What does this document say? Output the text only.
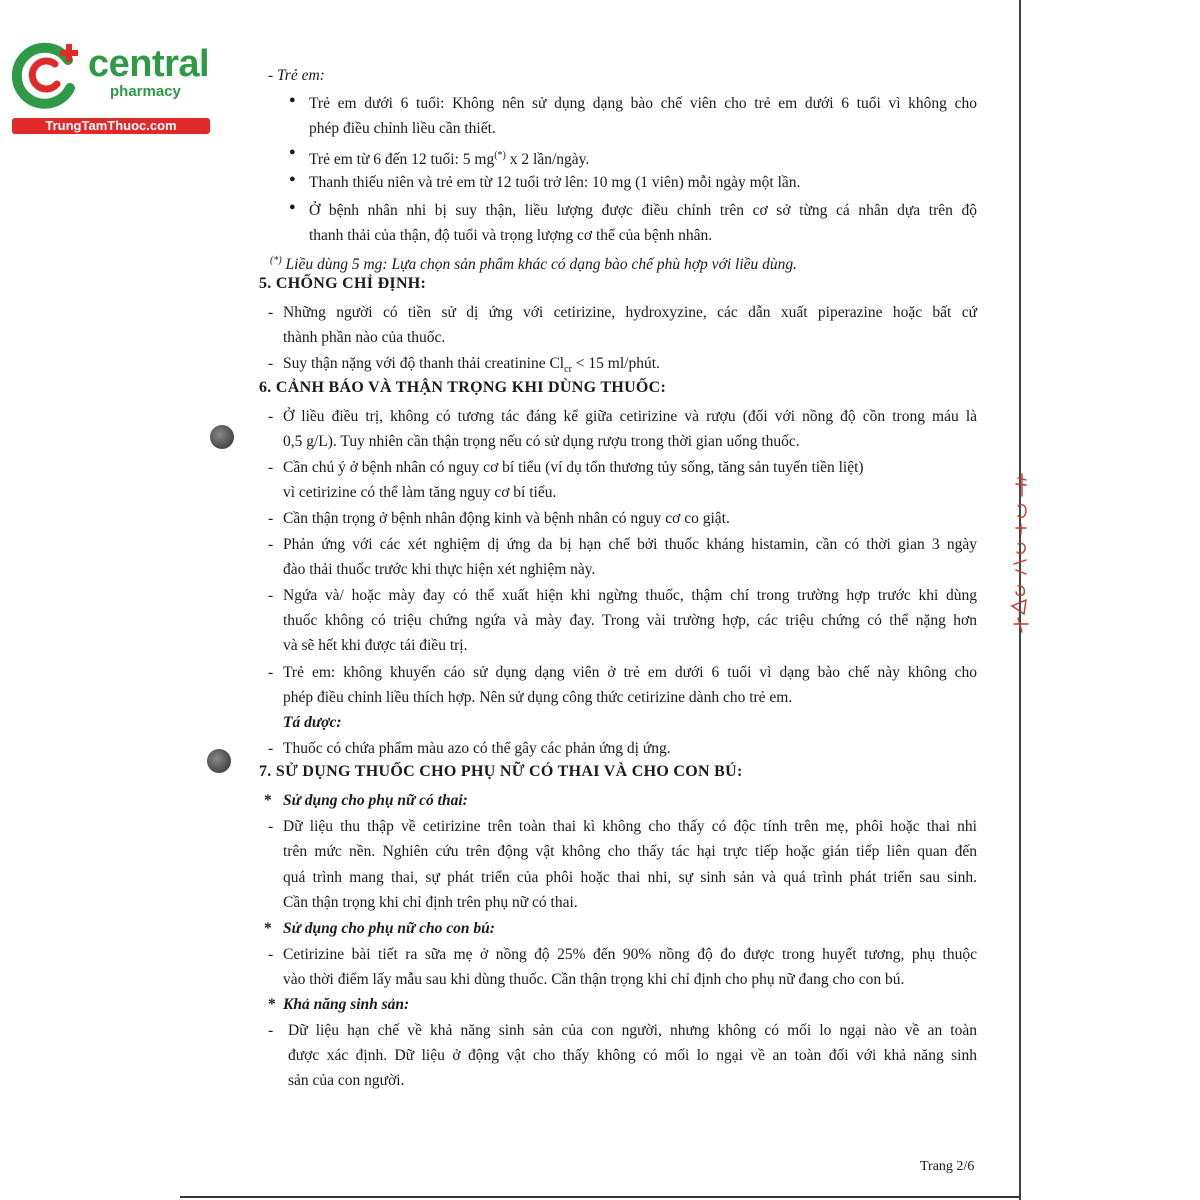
central
pharmacy
TrungTamThuoc.com
- Trẻ em:
● Trẻ em dưới 6 tuổi: Không nên sử dụng dạng bào chế viên cho trẻ em dưới 6 tuổi vì không cho
phép điều chỉnh liều cần thiết.
● Trẻ em từ 6 đến 12 tuổi: 5 mg(*) x 2 lần/ngày.
● Thanh thiếu niên và trẻ em từ 12 tuổi trở lên: 10 mg (1 viên) mỗi ngày một lần.
● Ở bệnh nhân nhi bị suy thận, liều lượng được điều chỉnh trên cơ sở từng cá nhân dựa trên độ
thanh thải của thận, độ tuổi và trọng lượng cơ thể của bệnh nhân.
(*) Liều dùng 5 mg: Lựa chọn sản phẩm khác có dạng bào chế phù hợp với liều dùng.
5. CHỐNG CHỈ ĐỊNH:
- Những người có tiền sử dị ứng với cetirizine, hydroxyzine, các dẫn xuất piperazine hoặc bất cứ
thành phần nào của thuốc.
- Suy thận nặng với độ thanh thải creatinine $Cl_{cr} < 15$ ml/phút.
6. CẢNH BÁO VÀ THẬN TRỌNG KHI DÙNG THUỐC:
- Ở liều điều trị, không có tương tác đáng kể giữa cetirizine và rượu (đối với nồng độ cồn trong máu là
0,5 g/L). Tuy nhiên cần thận trọng nếu có sử dụng rượu trong thời gian uống thuốc.
- Cần chú ý ở bệnh nhân có nguy cơ bí tiểu (ví dụ tổn thương tủy sống, tăng sản tuyến tiền liệt)
vì cetirizine có thể làm tăng nguy cơ bí tiểu.
- Cần thận trọng ở bệnh nhân động kinh và bệnh nhân có nguy cơ co giật.
- Phản ứng với các xét nghiệm dị ứng da bị hạn chế bởi thuốc kháng histamin, cần có thời gian 3 ngày
đào thải thuốc trước khi thực hiện xét nghiệm này.
- Ngứa và/ hoặc mày đay có thể xuất hiện khi ngừng thuốc, thậm chí trong trường hợp trước khi dùng
thuốc không có triệu chứng ngứa và mày đay. Trong vài trường hợp, các triệu chứng có thể nặng hơn
và sẽ hết khi được tái điều trị.
- Trẻ em: không khuyến cáo sử dụng dạng viên ở trẻ em dưới 6 tuổi vì dạng bào chế này không cho
phép điều chỉnh liều thích hợp. Nên sử dụng công thức cetirizine dành cho trẻ em.
Tá dược:
- Thuốc có chứa phẩm màu azo có thể gây các phản ứng dị ứng.
7. SỬ DỤNG THUỐC CHO PHỤ NỮ CÓ THAI VÀ CHO CON BÚ:
* Sử dụng cho phụ nữ có thai:
- Dữ liệu thu thập về cetirizine trên toàn thai kì không cho thấy có độc tính trên mẹ, phôi hoặc thai nhi
trên mức nền. Nghiên cứu trên động vật không cho thấy tác hại trực tiếp hoặc gián tiếp liên quan đến
quá trình mang thai, sự phát triển của phôi hoặc thai nhi, sự sinh sản và quá trình phát triển sau sinh.
Cần thận trọng khi chỉ định trên phụ nữ có thai.
* Sử dụng cho phụ nữ cho con bú:
- Cetirizine bài tiết ra sữa mẹ ở nồng độ 25% đến 90% nồng độ đo được trong huyết tương, phụ thuộc
vào thời điểm lấy mẫu sau khi dùng thuốc. Cần thận trọng khi chỉ định cho phụ nữ đang cho con bú.
* Khả năng sinh sản:
- Dữ liệu hạn chế về khả năng sinh sản của con người, nhưng không có mối lo ngại nào về an toàn
được xác định. Dữ liệu ở động vật cho thấy không có mối lo ngại về an toàn đối với khả năng sinh
sản của con người.
Trang 2/6
